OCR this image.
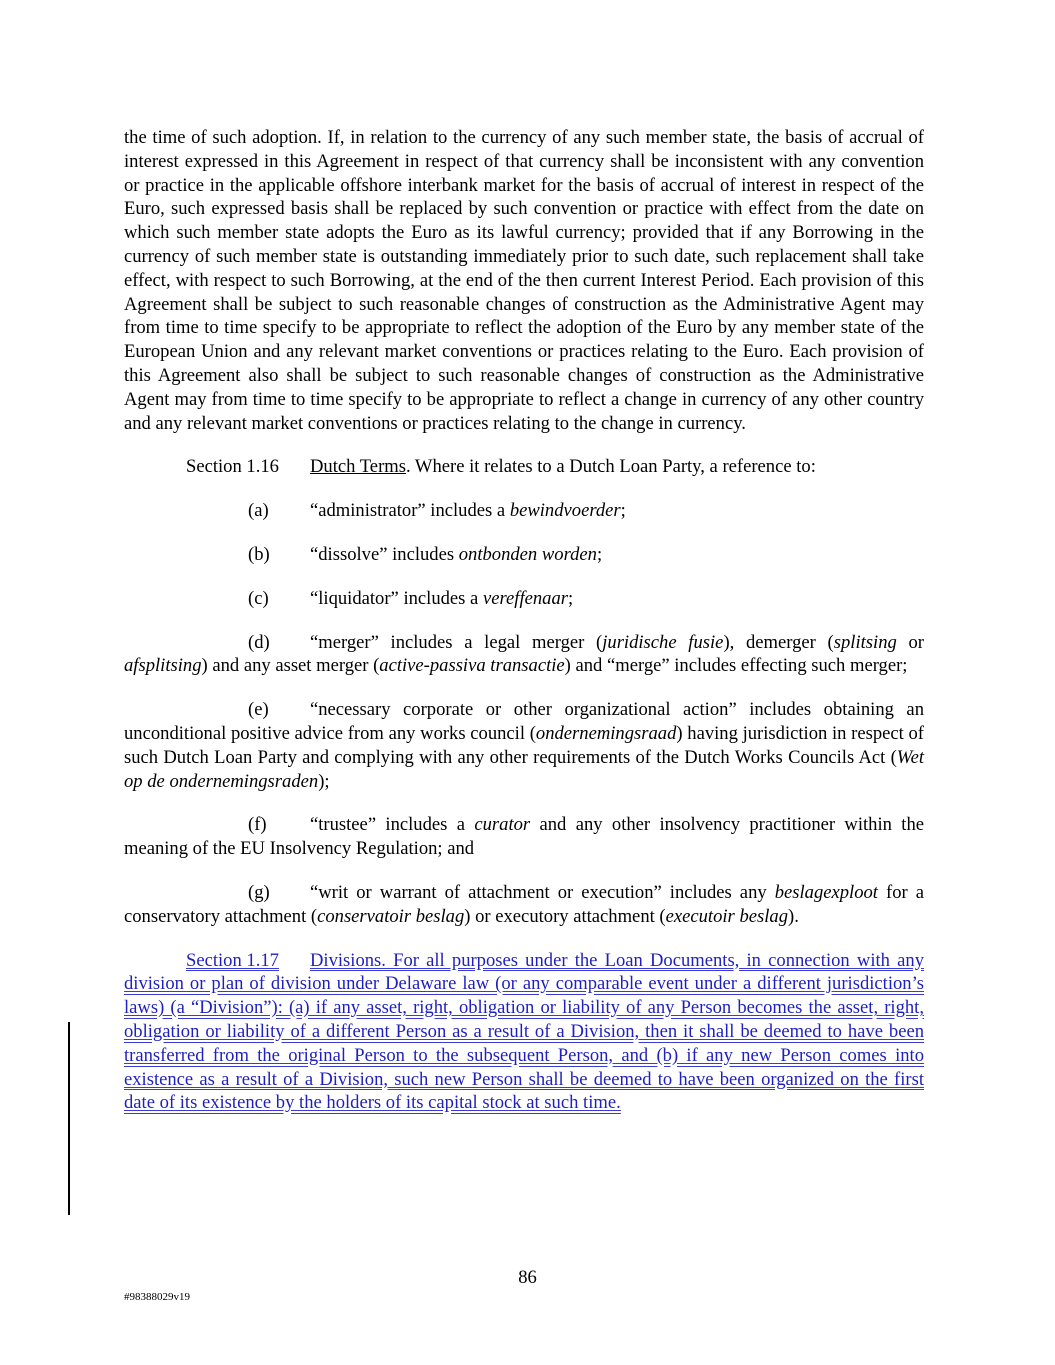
the time of such adoption. If, in relation to the currency of any such member state, the basis of accrual of interest expressed in this Agreement in respect of that currency shall be inconsistent with any convention or practice in the applicable offshore interbank market for the basis of accrual of interest in respect of the Euro, such expressed basis shall be replaced by such convention or practice with effect from the date on which such member state adopts the Euro as its lawful currency; provided that if any Borrowing in the currency of such member state is outstanding immediately prior to such date, such replacement shall take effect, with respect to such Borrowing, at the end of the then current Interest Period. Each provision of this Agreement shall be subject to such reasonable changes of construction as the Administrative Agent may from time to time specify to be appropriate to reflect the adoption of the Euro by any member state of the European Union and any relevant market conventions or practices relating to the Euro. Each provision of this Agreement also shall be subject to such reasonable changes of construction as the Administrative Agent may from time to time specify to be appropriate to reflect a change in currency of any other country and any relevant market conventions or practices relating to the change in currency.

Section 1.16 Dutch Terms. Where it relates to a Dutch Loan Party, a reference to:

(a) “administrator” includes a bewindvoerder;

(b) “dissolve” includes ontbonden worden;

(c) “liquidator” includes a vereffenaar;

(d) “merger” includes a legal merger (juridische fusie), demerger (splitsing or afsplitsing) and any asset merger (active-passiva transactie) and “merge” includes effecting such merger;

(e) “necessary corporate or other organizational action” includes obtaining an unconditional positive advice from any works council (ondernemingsraad) having jurisdiction in respect of such Dutch Loan Party and complying with any other requirements of the Dutch Works Councils Act (Wet op de ondernemingsraden);

(f) “trustee” includes a curator and any other insolvency practitioner within the meaning of the EU Insolvency Regulation; and

(g) “writ or warrant of attachment or execution” includes any beslagexploot for a conservatory attachment (conservatoir beslag) or executory attachment (executoir beslag).

Section 1.17 Divisions. For all purposes under the Loan Documents, in connection with any division or plan of division under Delaware law (or any comparable event under a different jurisdiction’s laws) (a “Division”): (a) if any asset, right, obligation or liability of any Person becomes the asset, right, obligation or liability of a different Person as a result of a Division, then it shall be deemed to have been transferred from the original Person to the subsequent Person, and (b) if any new Person comes into existence as a result of a Division, such new Person shall be deemed to have been organized on the first date of its existence by the holders of its capital stock at such time.

86
#98388029v19
